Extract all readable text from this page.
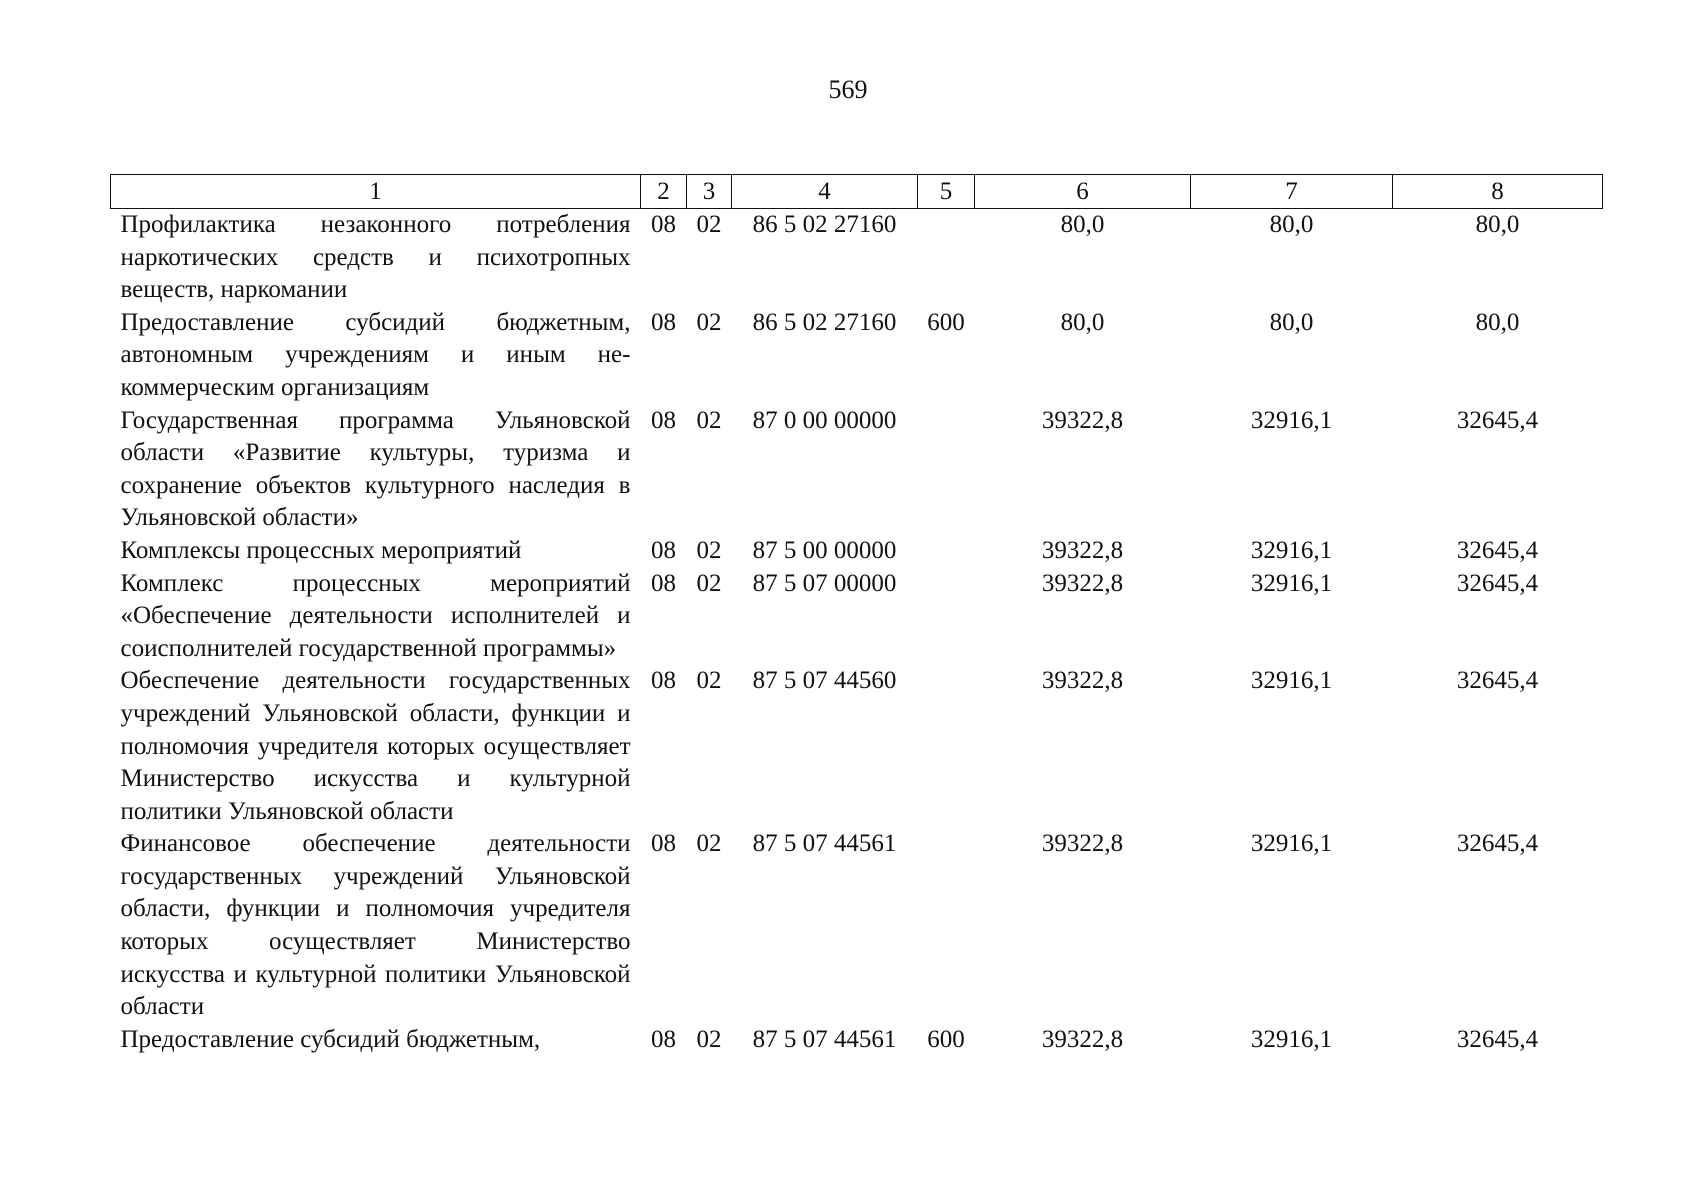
569
1	2	3	4	5	6	7	8
Профилактика незаконного потребления наркотических средств и психотропных веществ, наркомании	08	02	86 5 02 27160		80,0	80,0	80,0
Предоставление субсидий бюджетным, автономным учреждениям и иным некоммерческим организациям	08	02	86 5 02 27160	600	80,0	80,0	80,0
Государственная программа Ульяновской области «Развитие культуры, туризма и сохранение объектов культурного наследия в Ульяновской области»	08	02	87 0 00 00000		39322,8	32916,1	32645,4
Комплексы процессных мероприятий	08	02	87 5 00 00000		39322,8	32916,1	32645,4
Комплекс процессных мероприятий «Обеспечение деятельности исполнителей и соисполнителей государственной программы»	08	02	87 5 07 00000		39322,8	32916,1	32645,4
Обеспечение деятельности государственных учреждений Ульяновской области, функции и полномочия учредителя которых осуществляет Министерство искусства и культурной политики Ульяновской области	08	02	87 5 07 44560		39322,8	32916,1	32645,4
Финансовое обеспечение деятельности государственных учреждений Ульяновской области, функции и полномочия учредителя которых осуществляет Министерство искусства и культурной политики Ульяновской области	08	02	87 5 07 44561		39322,8	32916,1	32645,4
Предоставление субсидий бюджетным,	08	02	87 5 07 44561	600	39322,8	32916,1	32645,4
